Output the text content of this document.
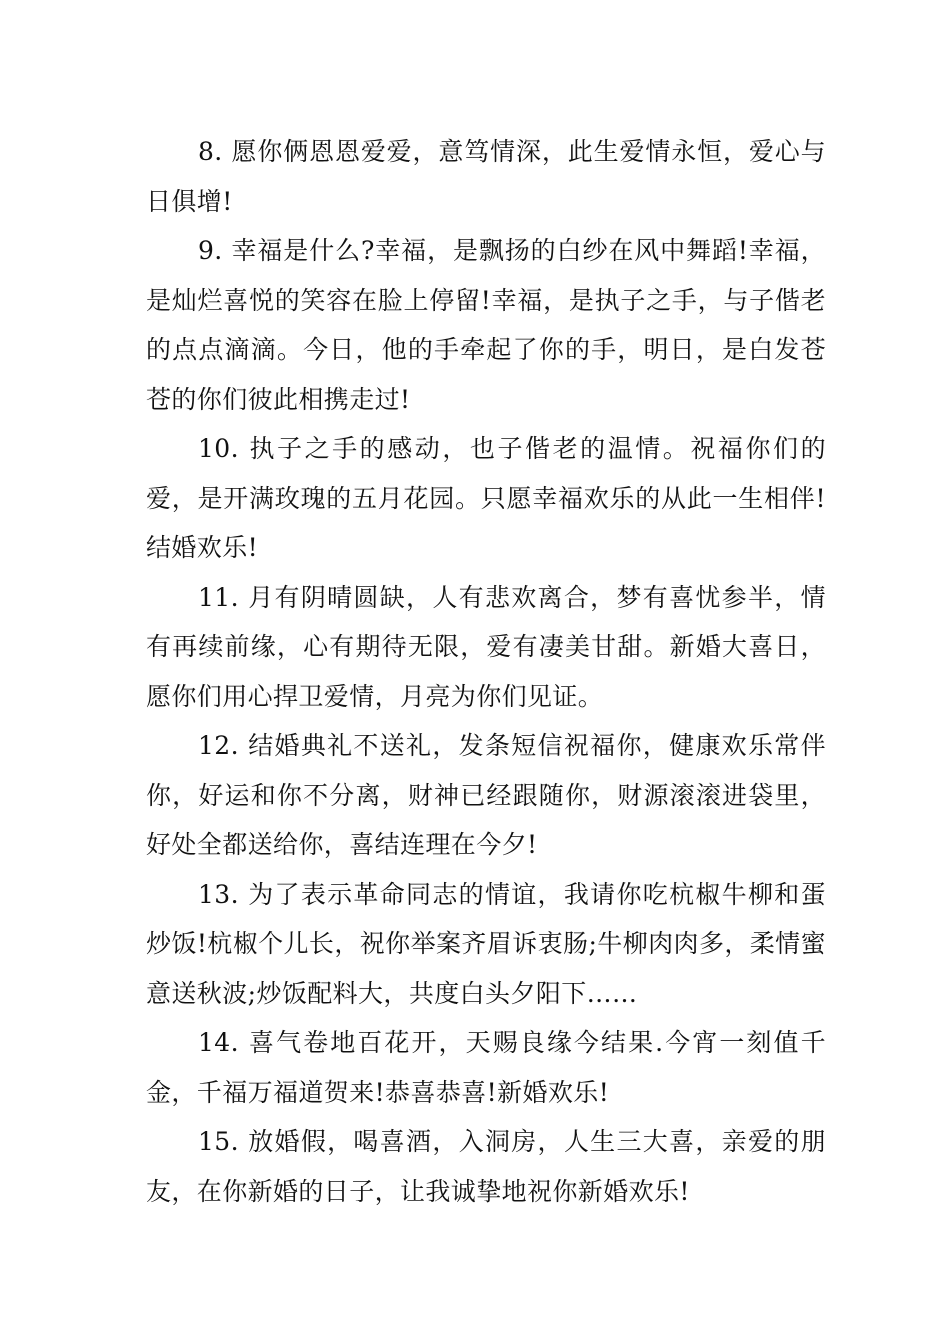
8. 愿你俩恩恩爱爱，意笃情深，此生爱情永恒，爱心与日俱增!

9. 幸福是什么?幸福，是飘扬的白纱在风中舞蹈!幸福，是灿烂喜悦的笑容在脸上停留!幸福，是执子之手，与子偕老的点点滴滴。今日，他的手牵起了你的手，明日，是白发苍苍的你们彼此相携走过!

10. 执子之手的感动，也子偕老的温情。祝福你们的爱，是开满玫瑰的五月花园。只愿幸福欢乐的从此一生相伴!结婚欢乐!

11. 月有阴晴圆缺，人有悲欢离合，梦有喜忧参半，情有再续前缘，心有期待无限，爱有凄美甘甜。新婚大喜日，愿你们用心捍卫爱情，月亮为你们见证。

12. 结婚典礼不送礼，发条短信祝福你，健康欢乐常伴你，好运和你不分离，财神已经跟随你，财源滚滚进袋里，好处全都送给你，喜结连理在今夕!

13. 为了表示革命同志的情谊，我请你吃杭椒牛柳和蛋炒饭!杭椒个儿长，祝你举案齐眉诉衷肠;牛柳肉肉多，柔情蜜意送秋波;炒饭配料大，共度白头夕阳下……

14. 喜气卷地百花开，天赐良缘今结果.今宵一刻值千金，千福万福道贺来!恭喜恭喜!新婚欢乐!

15. 放婚假，喝喜酒，入洞房，人生三大喜，亲爱的朋友，在你新婚的日子，让我诚挚地祝你新婚欢乐!
